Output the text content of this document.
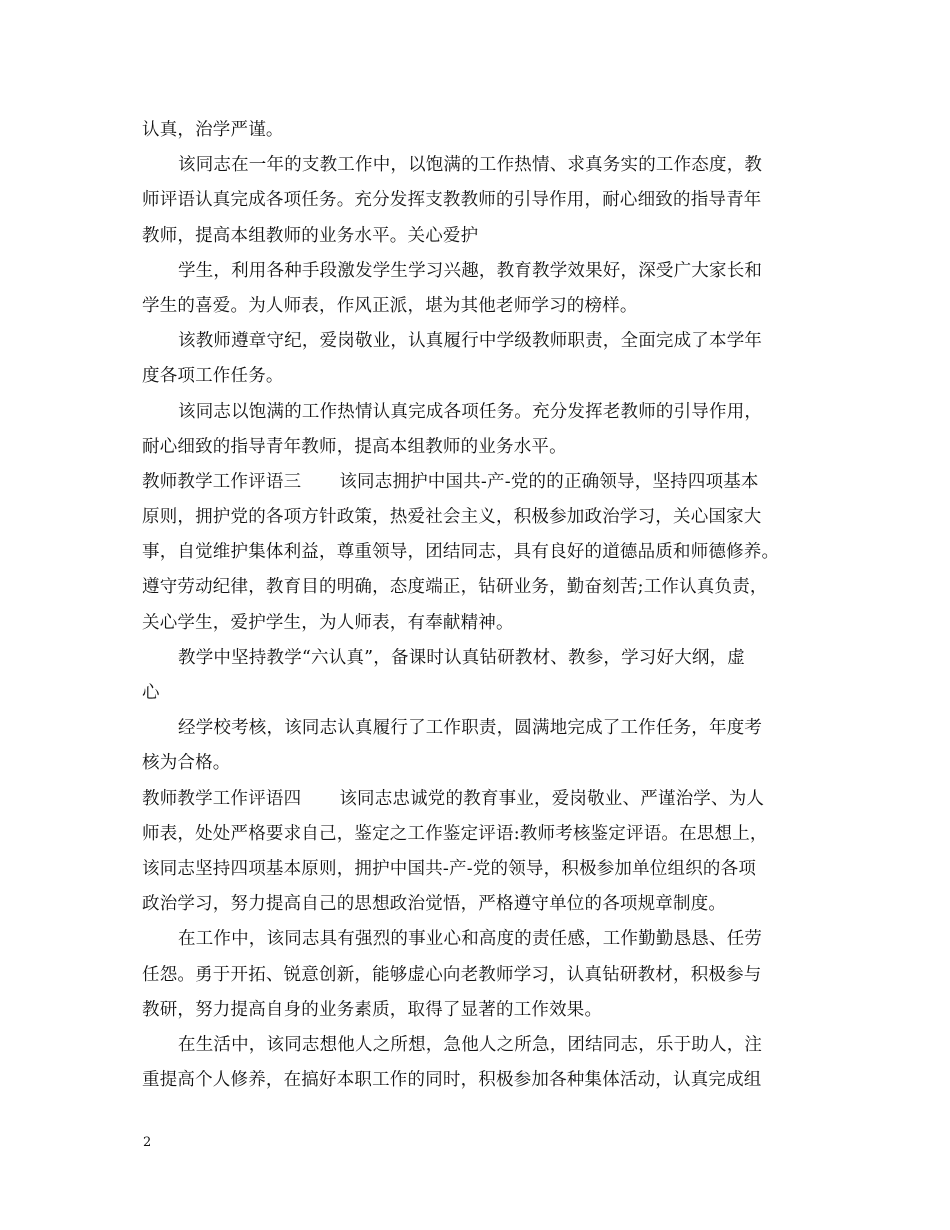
认真，治学严谨。
该同志在一年的支教工作中，以饱满的工作热情、求真务实的工作态度，教
师评语认真完成各项任务。充分发挥支教教师的引导作用，耐心细致的指导青年
教师，提高本组教师的业务水平。关心爱护
学生，利用各种手段激发学生学习兴趣，教育教学效果好，深受广大家长和
学生的喜爱。为人师表，作风正派，堪为其他老师学习的榜样。
该教师遵章守纪，爱岗敬业，认真履行中学级教师职责，全面完成了本学年
度各项工作任务。
该同志以饱满的工作热情认真完成各项任务。充分发挥老教师的引导作用，
耐心细致的指导青年教师，提高本组教师的业务水平。
教师教学工作评语三 该同志拥护中国共-产-党的的正确领导，坚持四项基本
原则，拥护党的各项方针政策，热爱社会主义，积极参加政治学习，关心国家大
事，自觉维护集体利益，尊重领导，团结同志，具有良好的道德品质和师德修养。
遵守劳动纪律，教育目的明确，态度端正，钻研业务，勤奋刻苦;工作认真负责，
关心学生，爱护学生，为人师表，有奉献精神。
教学中坚持教学“六认真”，备课时认真钻研教材、教参，学习好大纲，虚
心
经学校考核，该同志认真履行了工作职责，圆满地完成了工作任务，年度考
核为合格。
教师教学工作评语四 该同志忠诚党的教育事业，爱岗敬业、严谨治学、为人
师表，处处严格要求自己，鉴定之工作鉴定评语:教师考核鉴定评语。在思想上，
该同志坚持四项基本原则，拥护中国共-产-党的领导，积极参加单位组织的各项
政治学习，努力提高自己的思想政治觉悟，严格遵守单位的各项规章制度。
在工作中，该同志具有强烈的事业心和高度的责任感，工作勤勤恳恳、任劳
任怨。勇于开拓、锐意创新，能够虚心向老教师学习，认真钻研教材，积极参与
教研，努力提高自身的业务素质，取得了显著的工作效果。
在生活中，该同志想他人之所想，急他人之所急，团结同志，乐于助人，注
重提高个人修养，在搞好本职工作的同时，积极参加各种集体活动，认真完成组
2
